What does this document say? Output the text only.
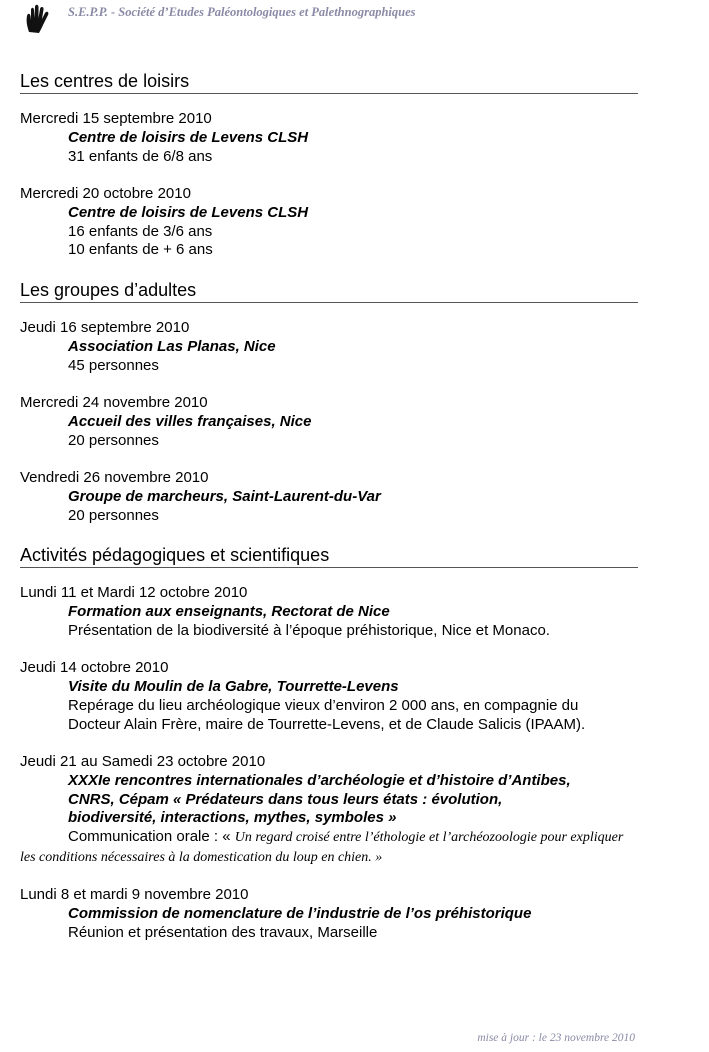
S.E.P.P. - Société d’Etudes Paléontologiques et Palethnographiques
Les centres de loisirs
Mercredi 15 septembre 2010
Centre de loisirs de Levens CLSH
31 enfants de 6/8 ans
Mercredi 20 octobre 2010
Centre de loisirs de Levens CLSH
16 enfants de 3/6 ans
10 enfants de + 6 ans
Les groupes d’adultes
Jeudi 16 septembre 2010
Association Las Planas, Nice
45 personnes
Mercredi 24 novembre 2010
Accueil des villes françaises, Nice
20 personnes
Vendredi 26 novembre 2010
Groupe de marcheurs, Saint-Laurent-du-Var
20 personnes
Activités pédagogiques et scientifiques
Lundi 11 et Mardi 12 octobre 2010
Formation aux enseignants, Rectorat de Nice
Présentation de la biodiversité à l’époque préhistorique, Nice et Monaco.
Jeudi 14 octobre 2010
Visite du Moulin de la Gabre, Tourrette-Levens
Repérage du lieu archéologique vieux d’environ 2 000 ans, en compagnie du
Docteur Alain Frère, maire de Tourrette-Levens, et de Claude Salicis (IPAAM).
Jeudi 21 au Samedi 23 octobre 2010
XXXIe rencontres internationales d’archéologie et d’histoire d’Antibes,
CNRS, Cépam « Prédateurs dans tous leurs états : évolution,
biodiversité, interactions, mythes, symboles »
Communication orale : « Un regard croisé entre l’éthologie et l’archéozoologie pour expliquer les conditions nécessaires à la domestication du loup en chien. »
Lundi 8 et mardi 9 novembre 2010
Commission de nomenclature de l’industrie de l’os préhistorique
Réunion et présentation des travaux, Marseille
mise à jour : le 23 novembre 2010
